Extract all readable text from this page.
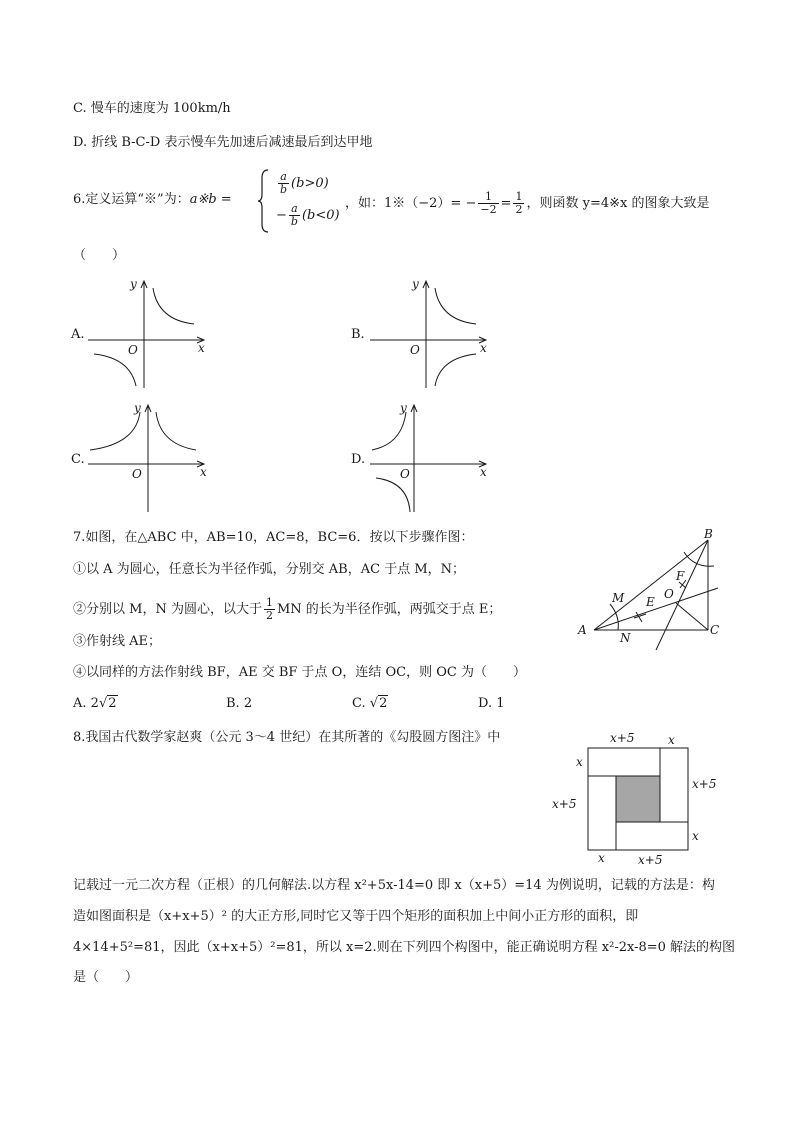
C. 慢车的速度为 100km/h
D. 折线 B-C-D 表示慢车先加速后减速最后到达甲地
6.定义运算“※”为：a※b =
$\frac{a}{b} (b>0)$
− $\frac{a}{b} (b<0)$
，如：1※（−2）= − $\frac{1}{-2} = \frac{1}{2}$ ，则函数 y=4※x 的图象大致是
（　　）
A.	B.
C.	D.
x
y
O	x
y
O
x
y
O	x
y
O
7.如图，在△ABC 中，AB=10，AC=8，BC=6．按以下步骤作图：
①以 A 为圆心，任意长为半径作弧，分别交 AB，AC 于点 M，N；
②分别以 M，N 为圆心，以大于 $\frac{1}{2}$ MN 的长为半径作弧，两弧交于点 E；
③作射线 AE；
④以同样的方法作射线 BF，AE 交 BF 于点 O，连结 OC，则 OC 为（　　）
A. 2√2	B. 2	C. √2	D. 1
B
A	C
M
N
E
F
O
8.我国古代数学家赵爽（公元 3～4 世纪）在其所著的《勾股圆方图注》中	x+5	x
x
x+5
x+5
x
x	x+5
记载过一元二次方程（正根）的几何解法.以方程 x²+5x-14=0 即 x（x+5）=14 为例说明，记载的方法是：构
造如图面积是（x+x+5）² 的大正方形,同时它又等于四个矩形的面积加上中间小正方形的面积，即
4×14+5²=81，因此（x+x+5）²=81，所以 x=2.则在下列四个构图中，能正确说明方程 x²-2x-8=0 解法的构图
是（　　）
